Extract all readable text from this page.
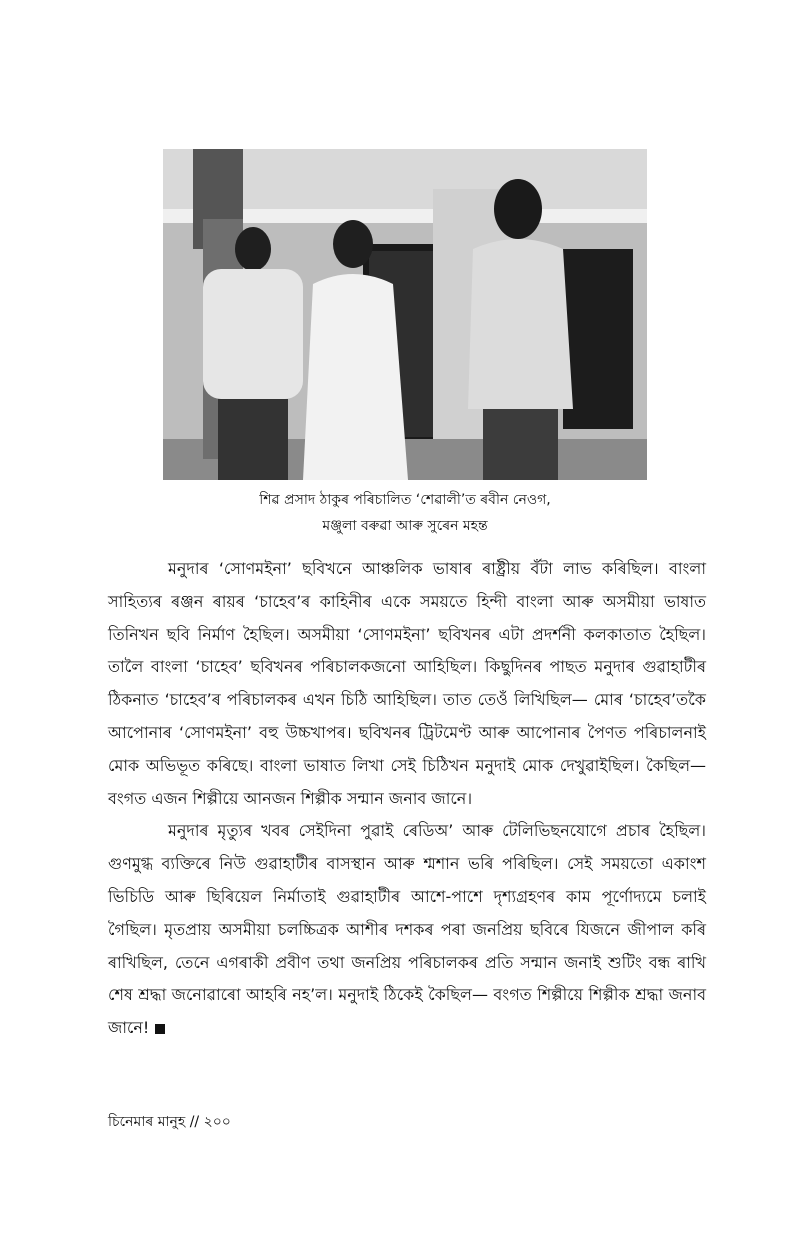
শিৱ প্ৰসাদ ঠাকুৰ পৰিচালিত ‘শেৱালী’ত ৰবীন নেওগ,
মঞ্জুলা বৰুৱা আৰু সুৰেন মহন্ত

মনুদাৰ ‘সোণমইনা’ ছবিখনে আঞ্চলিক ভাষাৰ ৰাষ্ট্ৰীয় বঁটা লাভ কৰিছিল। বাংলা সাহিত্যৰ ৰঞ্জন ৰায়ৰ ‘চাহেব’ৰ কাহিনীৰ একে সময়তে হিন্দী বাংলা আৰু অসমীয়া ভাষাত তিনিখন ছবি নিৰ্মাণ হৈছিল। অসমীয়া ‘সোণমইনা’ ছবিখনৰ এটা প্ৰদৰ্শনী কলকাতাত হৈছিল। তালৈ বাংলা ‘চাহেব’ ছবিখনৰ পৰিচালকজনো আহিছিল। কিছুদিনৰ পাছত মনুদাৰ গুৱাহাটীৰ ঠিকনাত ‘চাহেব’ৰ পৰিচালকৰ এখন চিঠি আহিছিল। তাত তেওঁ লিখিছিল— মোৰ ‘চাহেব’তকৈ আপোনাৰ ‘সোণমইনা’ বহু উচ্চখাপৰ। ছবিখনৰ ট্ৰিটমেণ্ট আৰু আপোনাৰ পৈণত পৰিচালনাই মোক অভিভূত কৰিছে। বাংলা ভাষাত লিখা সেই চিঠিখন মনুদাই মোক দেখুৱাইছিল। কৈছিল— বংগত এজন শিল্পীয়ে আনজন শিল্পীক সন্মান জনাব জানে।

মনুদাৰ মৃত্যুৰ খবৰ সেইদিনা পুৱাই ৰেডিঅ’ আৰু টেলিভিছনযোগে প্ৰচাৰ হৈছিল। গুণমুগ্ধ ব্যক্তিৰে নিউ গুৱাহাটীৰ বাসস্থান আৰু শ্মশান ভৰি পৰিছিল। সেই সময়তো একাংশ ভিচিডি আৰু ছিৰিয়েল নিৰ্মাতাই গুৱাহাটীৰ আশে-পাশে দৃশ্যগ্ৰহণৰ কাম পূৰ্ণোদ্যমে চলাই গৈছিল। মৃতপ্ৰায় অসমীয়া চলচ্চিত্ৰক আশীৰ দশকৰ পৰা জনপ্ৰিয় ছবিৰে যিজনে জীপাল কৰি ৰাখিছিল, তেনে এগৰাকী প্ৰবীণ তথা জনপ্ৰিয় পৰিচালকৰ প্ৰতি সন্মান জনাই শুটিং বন্ধ ৰাখি শেষ শ্ৰদ্ধা জনোৱাৰো আহৰি নহ’ল। মনুদাই ঠিকেই কৈছিল— বংগত শিল্পীয়ে শিল্পীক শ্ৰদ্ধা জনাব জানে!

চিনেমাৰ মানুহ // ২০০
